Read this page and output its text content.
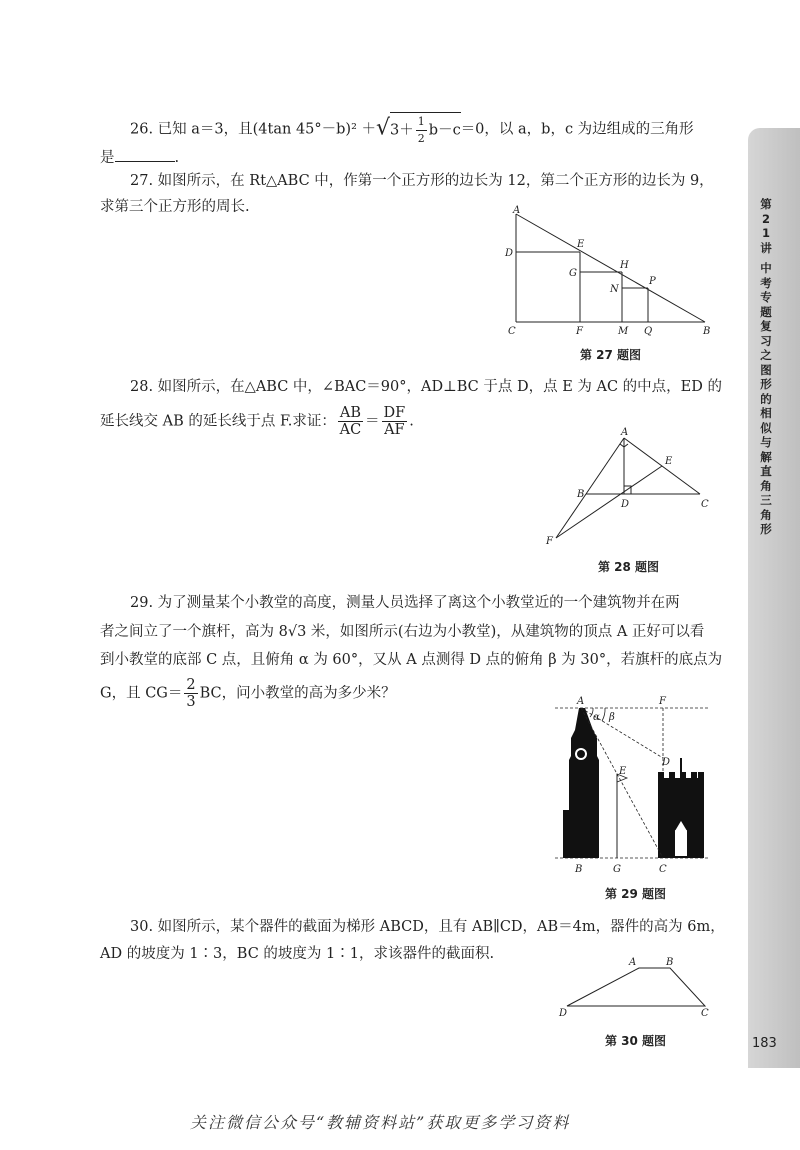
第21讲
中考专题复习之图形的相似与解直角三角形
183
26. 已知 a＝3，且(4tan $45^\circ-b)^2 +√3+ \frac{1}{2} b-c=0$，以 a，b，c 为边组成的三角形
是	.
27. 如图所示，在 Rt△ABC 中，作第一个正方形的边长为 12，第二个正方形的边长为 9，
求第三个正方形的周长.	A
D
E
G
H
P
N
C	F	M Q	B
第 27 题图
28. 如图所示，在△ABC 中，∠BAC＝90°，AD⊥BC 于点 D，点 E 为 AC 的中点，ED 的
延长线交 AB 的延长线于点 F.求证： $\frac{AB}{AC} = \frac{DF}{AF}$ .
A
E
B
D	C
F
第 28 题图
29. 为了测量某个小教堂的高度，测量人员选择了离这个小教堂近的一个建筑物并在两
者之间立了一个旗杆，高为 8√3 米，如图所示(右边为小教堂)，从建筑物的顶点 A 正好可以看
到小教堂的底部 C 点，且俯角 α 为 60°，又从 A 点测得 D 点的俯角 β 为 30°，若旗杆的底点为
G，且 $CG= \frac{2}{3}$ BC，问小教堂的高为多少米？	A	F
α β
E
D
B	G	C
第 29 题图
30. 如图所示，某个器件的截面为梯形 ABCD，且有 AB∥CD，AB＝4m，器件的高为 6m，
AD 的坡度为 1∶3，BC 的坡度为 1∶1，求该器件的截面积.
A	B
D	C
第 30 题图
关注微信公众号“教辅资料站”获取更多学习资料
